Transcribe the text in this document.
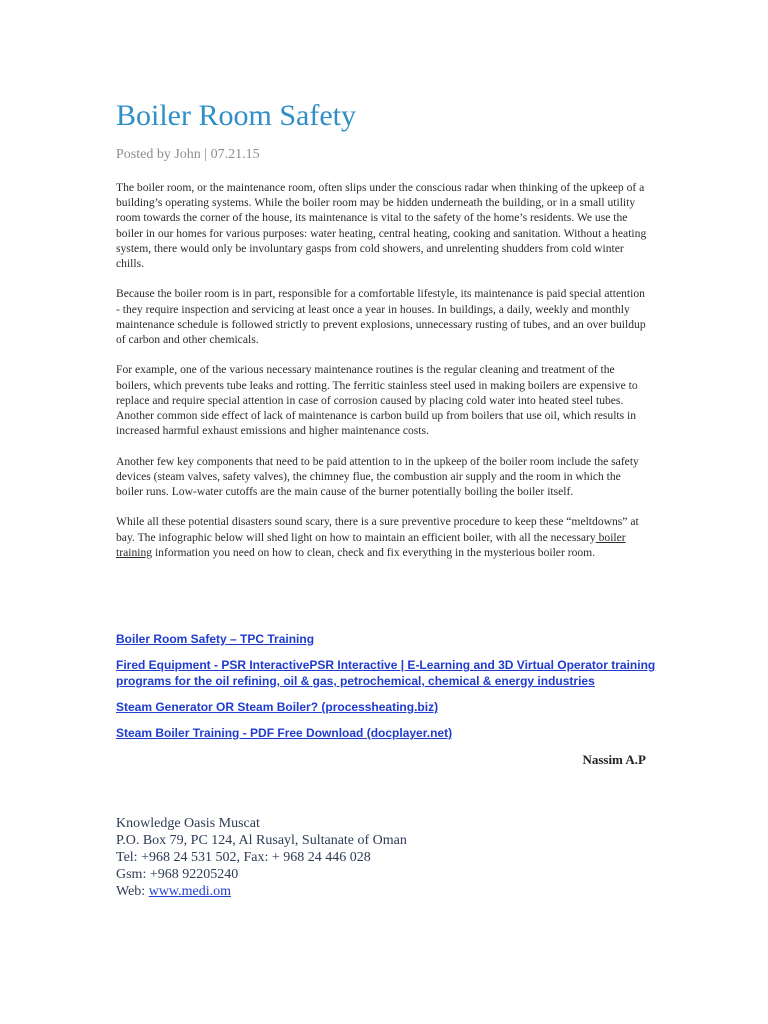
Boiler Room Safety
Posted by John | 07.21.15

The boiler room, or the maintenance room, often slips under the conscious radar when thinking of the upkeep of a building’s operating systems. While the boiler room may be hidden underneath the building, or in a small utility room towards the corner of the house, its maintenance is vital to the safety of the home’s residents. We use the boiler in our homes for various purposes: water heating, central heating, cooking and sanitation. Without a heating system, there would only be involuntary gasps from cold showers, and unrelenting shudders from cold winter chills.

Because the boiler room is in part, responsible for a comfortable lifestyle, its maintenance is paid special attention - they require inspection and servicing at least once a year in houses. In buildings, a daily, weekly and monthly maintenance schedule is followed strictly to prevent explosions, unnecessary rusting of tubes, and an over buildup of carbon and other chemicals.

For example, one of the various necessary maintenance routines is the regular cleaning and treatment of the boilers, which prevents tube leaks and rotting. The ferritic stainless steel used in making boilers are expensive to replace and require special attention in case of corrosion caused by placing cold water into heated steel tubes. Another common side effect of lack of maintenance is carbon build up from boilers that use oil, which results in increased harmful exhaust emissions and higher maintenance costs.

Another few key components that need to be paid attention to in the upkeep of the boiler room include the safety devices (steam valves, safety valves), the chimney flue, the combustion air supply and the room in which the boiler runs. Low-water cutoffs are the main cause of the burner potentially boiling the boiler itself.

While all these potential disasters sound scary, there is a sure preventive procedure to keep these “meltdowns” at bay. The infographic below will shed light on how to maintain an efficient boiler, with all the necessary boiler training information you need on how to clean, check and fix everything in the mysterious boiler room.

Boiler Room Safety – TPC Training
Fired Equipment - PSR InteractivePSR Interactive | E-Learning and 3D Virtual Operator training programs for the oil refining, oil & gas, petrochemical, chemical & energy industries
Steam Generator OR Steam Boiler? (processheating.biz)
Steam Boiler Training - PDF Free Download (docplayer.net)
Nassim A.P
Knowledge Oasis Muscat
P.O. Box 79, PC 124, Al Rusayl, Sultanate of Oman
Tel: +968 24 531 502, Fax: + 968 24 446 028
Gsm: +968 92205240
Web: www.medi.om
